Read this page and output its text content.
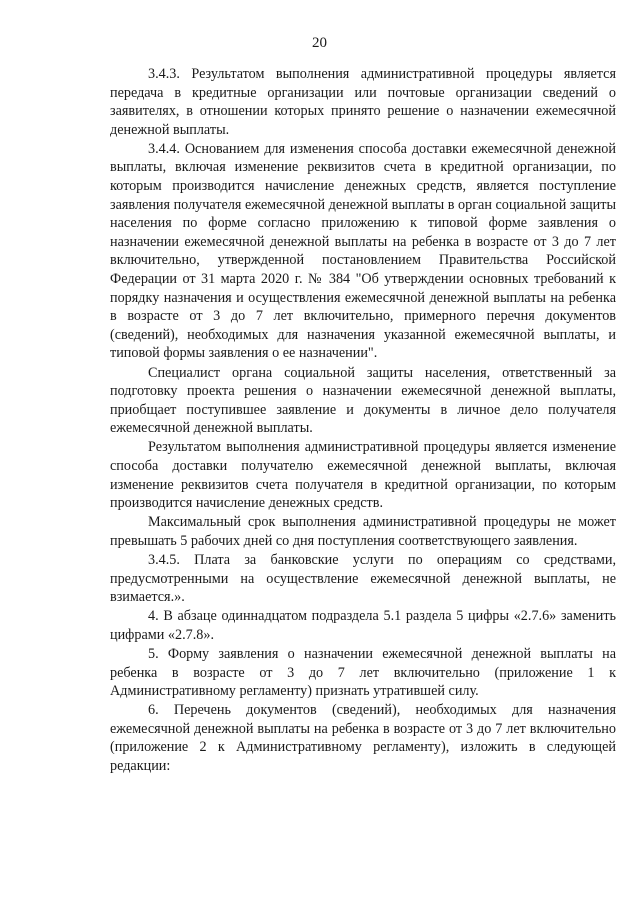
20

3.4.3. Результатом выполнения административной процедуры является передача в кредитные организации или почтовые организации сведений о заявителях, в отношении которых принято решение о назначении ежемесячной денежной выплаты.

3.4.4. Основанием для изменения способа доставки ежемесячной денежной выплаты, включая изменение реквизитов счета в кредитной организации, по которым производится начисление денежных средств, является поступление заявления получателя ежемесячной денежной выплаты в орган социальной защиты населения по форме согласно приложению к типовой форме заявления о назначении ежемесячной денежной выплаты на ребенка в возрасте от 3 до 7 лет включительно, утвержденной постановлением Правительства Российской Федерации от 31 марта 2020 г. № 384 "Об утверждении основных требований к порядку назначения и осуществления ежемесячной денежной выплаты на ребенка в возрасте от 3 до 7 лет включительно, примерного перечня документов (сведений), необходимых для назначения указанной ежемесячной выплаты, и типовой формы заявления о ее назначении".

Специалист органа социальной защиты населения, ответственный за подготовку проекта решения о назначении ежемесячной денежной выплаты, приобщает поступившее заявление и документы в личное дело получателя ежемесячной денежной выплаты.

Результатом выполнения административной процедуры является изменение способа доставки получателю ежемесячной денежной выплаты, включая изменение реквизитов счета получателя в кредитной организации, по которым производится начисление денежных средств.

Максимальный срок выполнения административной процедуры не может превышать 5 рабочих дней со дня поступления соответствующего заявления.

3.4.5. Плата за банковские услуги по операциям со средствами, предусмотренными на осуществление ежемесячной денежной выплаты, не взимается.».

4. В абзаце одиннадцатом подраздела 5.1 раздела 5 цифры «2.7.6» заменить цифрами «2.7.8».

5. Форму заявления о назначении ежемесячной денежной выплаты на ребенка в возрасте от 3 до 7 лет включительно (приложение 1 к Административному регламенту) признать утратившей силу.

6. Перечень документов (сведений), необходимых для назначения ежемесячной денежной выплаты на ребенка в возрасте от 3 до 7 лет включительно (приложение 2 к Административному регламенту), изложить в следующей редакции:
